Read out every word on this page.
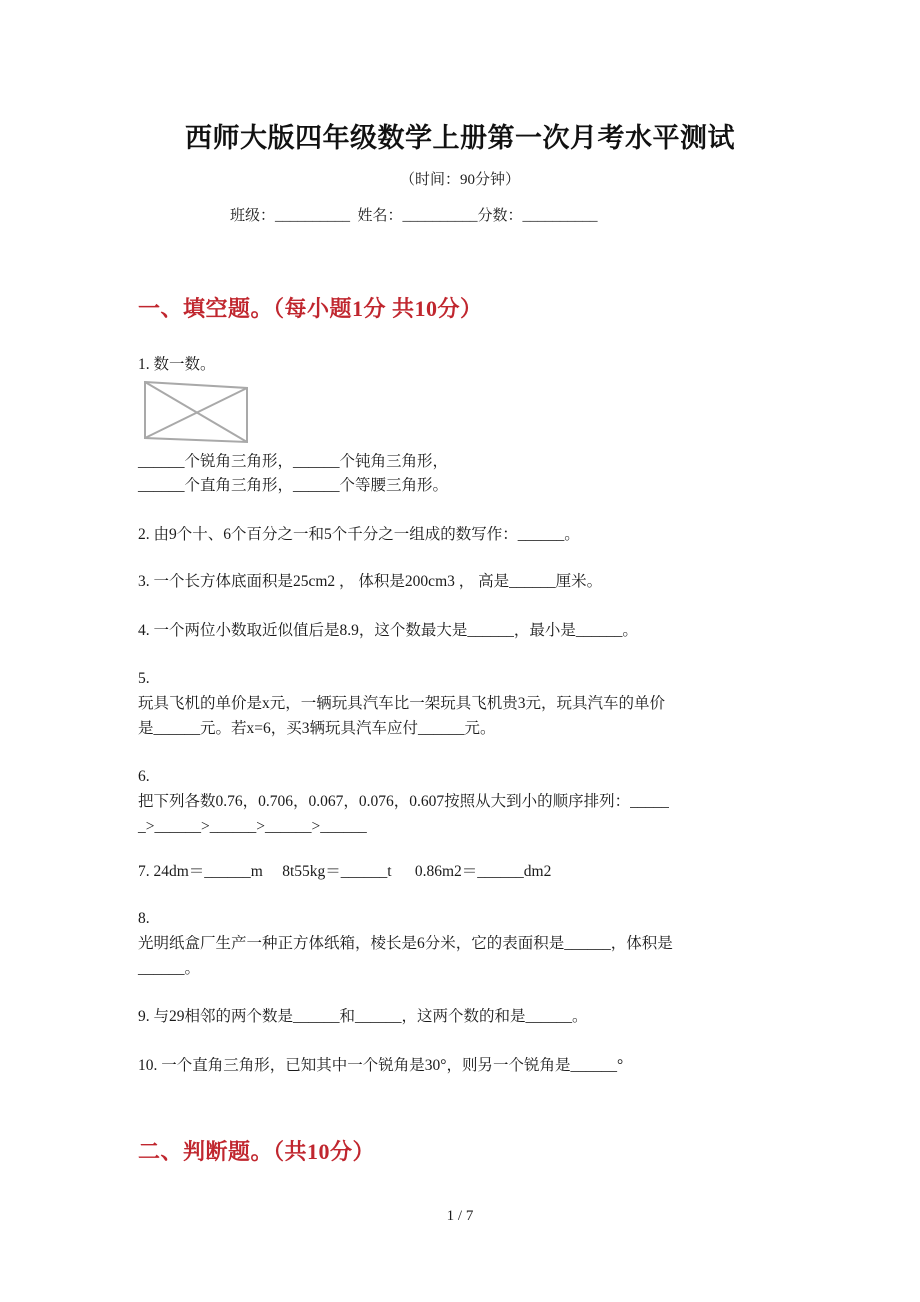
西师大版四年级数学上册第一次月考水平测试
（时间：90分钟）
班级：__________  姓名：__________分数：__________
一、填空题。（每小题1分 共10分）
1. 数一数。
______个锐角三角形，______个钝角三角形，
______个直角三角形，______个等腰三角形。
2. 由9个十、6个百分之一和5个千分之一组成的数写作：______。
3. 一个长方体底面积是25cm2 ， 体积是200cm3 ， 高是______厘米。
4. 一个两位小数取近似值后是8.9，这个数最大是______，最小是______。
5.
玩具飞机的单价是x元，一辆玩具汽车比一架玩具飞机贵3元，玩具汽车的单价
是______元。若x=6，买3辆玩具汽车应付______元。
6.
把下列各数0.76，0.706，0.067，0.076，0.607按照从大到小的顺序排列：_____
_>______>______>______>______
7. 24dm＝______m     8t55kg＝______t      0.86m2＝______dm2
8.
光明纸盒厂生产一种正方体纸箱，棱长是6分米，它的表面积是______，体积是
______。
9. 与29相邻的两个数是______和______，这两个数的和是______。
10. 一个直角三角形，已知其中一个锐角是30°，则另一个锐角是______°
二、判断题。（共10分）
1 / 7
